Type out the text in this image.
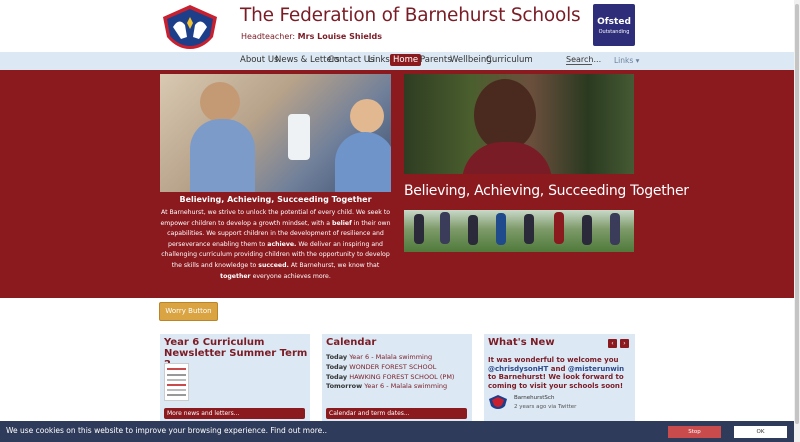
The Federation of Barnehurst Schools
Headteacher: Mrs Louise Shields
Ofsted
Outstanding
About Us
News & Letters
Contact Us
Links Home Parents
Wellbeing
Curriculum	Search... Links ▾
Believing, Achieving, Succeeding Together
Believing, Achieving, Succeeding Together
At Barnehurst, we strive to unlock the potential of every child. We seek to empower children to develop a growth mindset, with a belief in their own capabilities. We support children in the development of resilience and perseverance enabling them to achieve. We deliver an inspiring and challenging curriculum providing children with the opportunity to develop the skills and knowledge to succeed. At Barnehurst, we know that together everyone achieves more.
Worry Button
Year 6 Curriculum Newsletter Summer Term
More news and letters...
Calendar
Today Year 6 - Malala swimming
Today WONDER FOREST SCHOOL
Today HAWKING FOREST SCHOOL (PM)
Tomorrow Year 6 - Malala swimming
Calendar and term dates...
What's New	‹	›
It was wonderful to welcome you @chrisdysonHT and @misterunwin to Barnehurst! We look forward to coming to visit your schools soon!
BarnehurstSch
2 years ago via Twitter
We use cookies on this website to improve your browsing experience. Find out more..	Stop	OK
